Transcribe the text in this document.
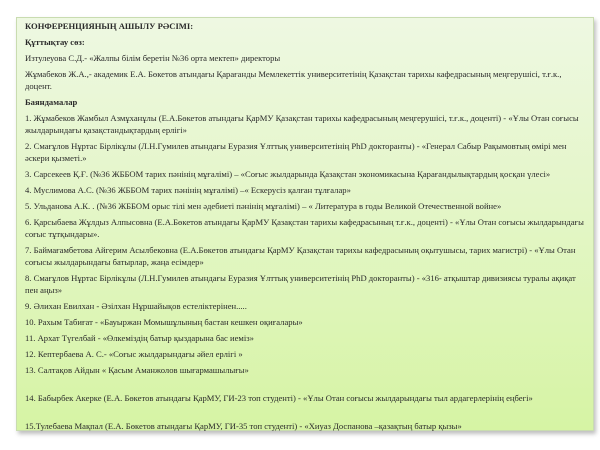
КОНФЕРЕНЦИЯНЫҢ АШЫЛУ РӘСІМІ:

Құттықтау сөз:

Изтулеуова С.Д.- «Жалпы білім беретін №36 орта мектеп» директоры

Жұмабеков Ж.А.,- академик Е.А. Бөкетов атындағы Қарағанды Мемлекеттік университетінің Қазақстан тарихы кафедрасының меңгерушісі, т.ғ.к., доцент.

Баяндамалар

1. Жұмабеков Жамбыл Азмұханұлы (Е.А.Бөкетов атындағы ҚарМУ Қазақстан тарихы кафедрасының меңгерушісі, т.ғ.к., доценті) - «Ұлы Отан соғысы жылдарындағы қазақстандықтардың ерлігі»

2. Смағұлов Нұртас Бірлікұлы (Л.Н.Гумилев атындағы Еуразия Ұлттық университетінің PhD докторанты) - «Генерал Сабыр Рақымовтың өмірі мен әскери қызметі.»

3. Сарсекеев Қ.Ғ. (№36 ЖББОМ тарих пәнінің мұғалімі) – «Соғыс жылдарында Қазақстан экономикасына Қарағандылықтардың қосқан үлесі»

4. Муслимова А.С. (№36 ЖББОМ тарих пәнінің мұғалімі) –« Ескерусіз қалған тұлғалар»

5. Ульданова А.К. . (№36 ЖББОМ орыс тілі мен әдебиеті пәнінің мұғалімі) – « Литература в годы Великой Отечественной войне»

6. Қарсыбаева Жұлдыз Алпысовна (Е.А.Бөкетов атындағы ҚарМУ Қазақстан тарихы кафедрасының т.ғ.к., доценті) - «Ұлы Отан соғысы жылдарындағы соғыс тұтқындары».

7. Баймағамбетова Айгерим Асылбековна (Е.А.Бөкетов атындағы ҚарМУ Қазақстан тарихы кафедрасының оқытушысы, тарих магистрі) - «Ұлы Отан соғысы жылдарындағы батырлар, жаңа есімдер»

8. Смағұлов Нұртас Бірлікұлы (Л.Н.Гумилев атындағы Еуразия Ұлттық университетінің PhD докторанты) - «316- атқыштар дивизиясы туралы ақиқат пен аңыз»

9. Әлихан Евилхан - Әзілхан Нұршайықов естеліктерінен.....

10. Рахым Табиғат - «Бауыржан Момышұлының бастан кешкен оқиғалары»

11. Архат Түгелбай - «Өлкемiздiң батыр қыздарына бас иеміз»

12. Кептербаева А. С.- «Соғыс жылдарындағы әйел ерлігі »

13. Салтақов Айдын « Қасым Аманжолов шығармашылығы»

14. Бабырбек Акерке (Е.А. Бөкетов атындағы ҚарМУ, ГИ-23 топ студенті) - «Ұлы Отан соғысы жылдарындағы тыл ардагерлерінің еңбегі»

15.Тулебаева Мақпал (Е.А. Бөкетов атындағы ҚарМУ, ГИ-35 топ студенті) - «Хиуаз Доспанова –қазақтың батыр қызы»
